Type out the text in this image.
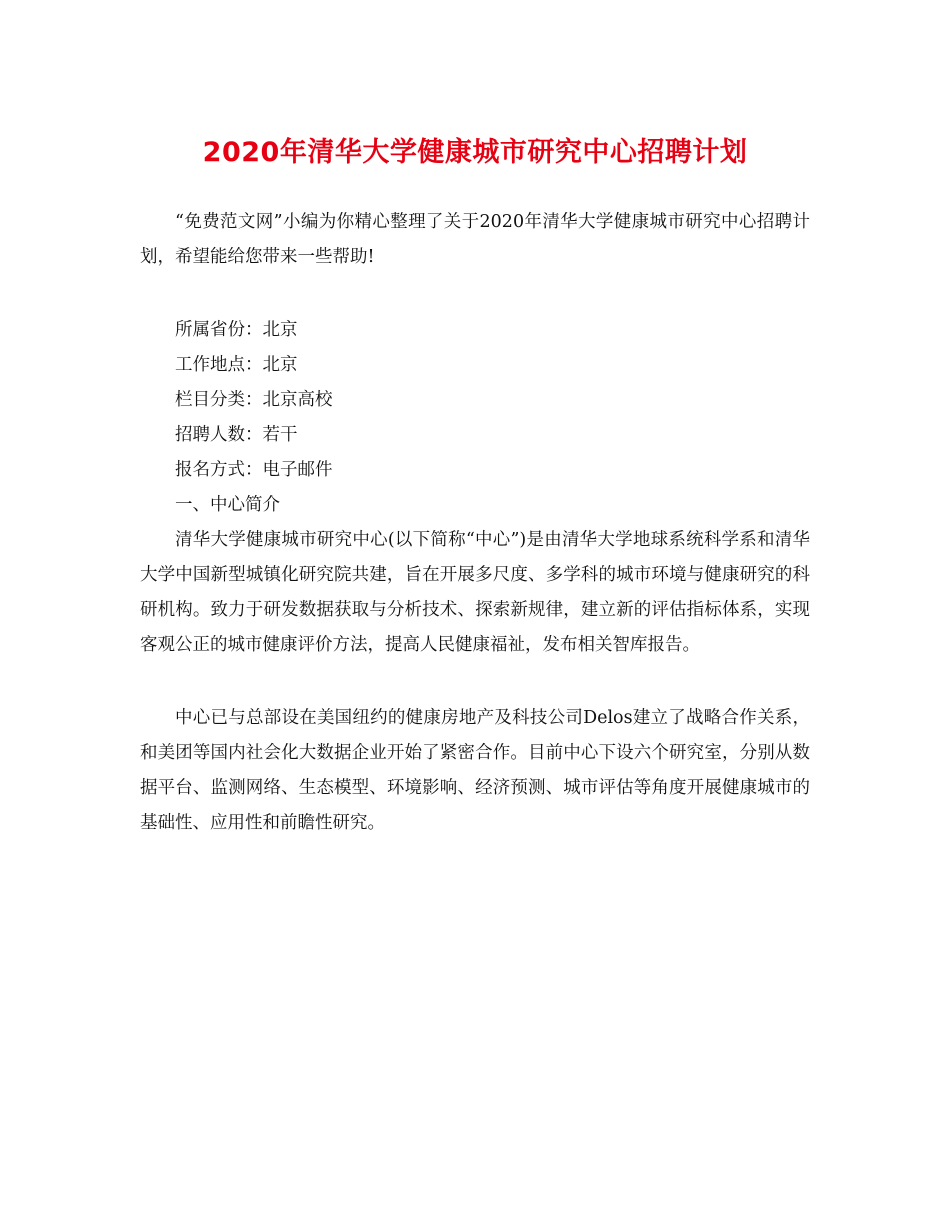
2020年清华大学健康城市研究中心招聘计划

“免费范文网”小编为你精心整理了关于2020年清华大学健康城市研究中心招聘计划，希望能给您带来一些帮助!

所属省份：北京

工作地点：北京

栏目分类：北京高校

招聘人数：若干

报名方式：电子邮件

一、中心简介

清华大学健康城市研究中心(以下简称“中心”)是由清华大学地球系统科学系和清华大学中国新型城镇化研究院共建，旨在开展多尺度、多学科的城市环境与健康研究的科研机构。致力于研发数据获取与分析技术、探索新规律，建立新的评估指标体系，实现客观公正的城市健康评价方法，提高人民健康福祉，发布相关智库报告。

中心已与总部设在美国纽约的健康房地产及科技公司Delos建立了战略合作关系，和美团等国内社会化大数据企业开始了紧密合作。目前中心下设六个研究室，分别从数据平台、监测网络、生态模型、环境影响、经济预测、城市评估等角度开展健康城市的基础性、应用性和前瞻性研究。
